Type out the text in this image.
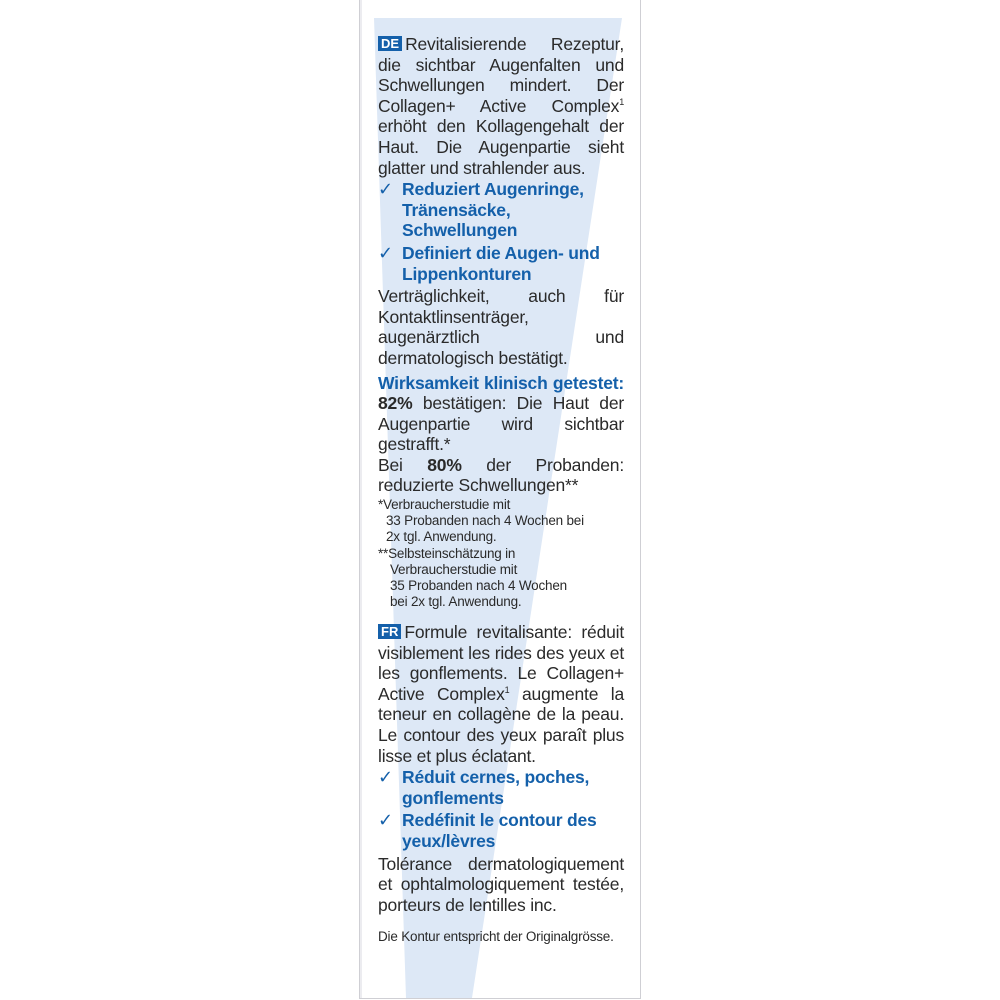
DE Revitalisierende Rezeptur, die sichtbar Augenfalten und Schwellungen mindert. Der Collagen+ Active Complex$^1$ erhöht den Kollagengehalt der Haut. Die Augenpartie sieht glatter und strahlender aus.

✓ Reduziert Augenringe, Tränensäcke, Schwellungen
✓ Definiert die Augen- und Lippenkonturen

Verträglichkeit, auch für Kontaktlinsenträger, augenärztlich und dermatologisch bestätigt.

Wirksamkeit klinisch getestet: 82% bestätigen: Die Haut der Augenpartie wird sichtbar gestrafft.*

Bei 80% der Probanden: reduzierte Schwellungen**

*Verbraucherstudie mit
33 Probanden nach 4 Wochen bei
2x tgl. Anwendung.
**Selbsteinschätzung in
Verbraucherstudie mit
35 Probanden nach 4 Wochen
bei 2x tgl. Anwendung.

FR Formule revitalisante: réduit visiblement les rides des yeux et les gonflements. Le Collagen+ Active Complex$^1$ augmente la teneur en collagène de la peau. Le contour des yeux paraît plus lisse et plus éclatant.

✓ Réduit cernes, poches, gonflements
✓ Redéfinit le contour des yeux/lèvres

Tolérance dermatologiquement et ophtalmologiquement testée, porteurs de lentilles inc.

Die Kontur entspricht der Originalgrösse.
